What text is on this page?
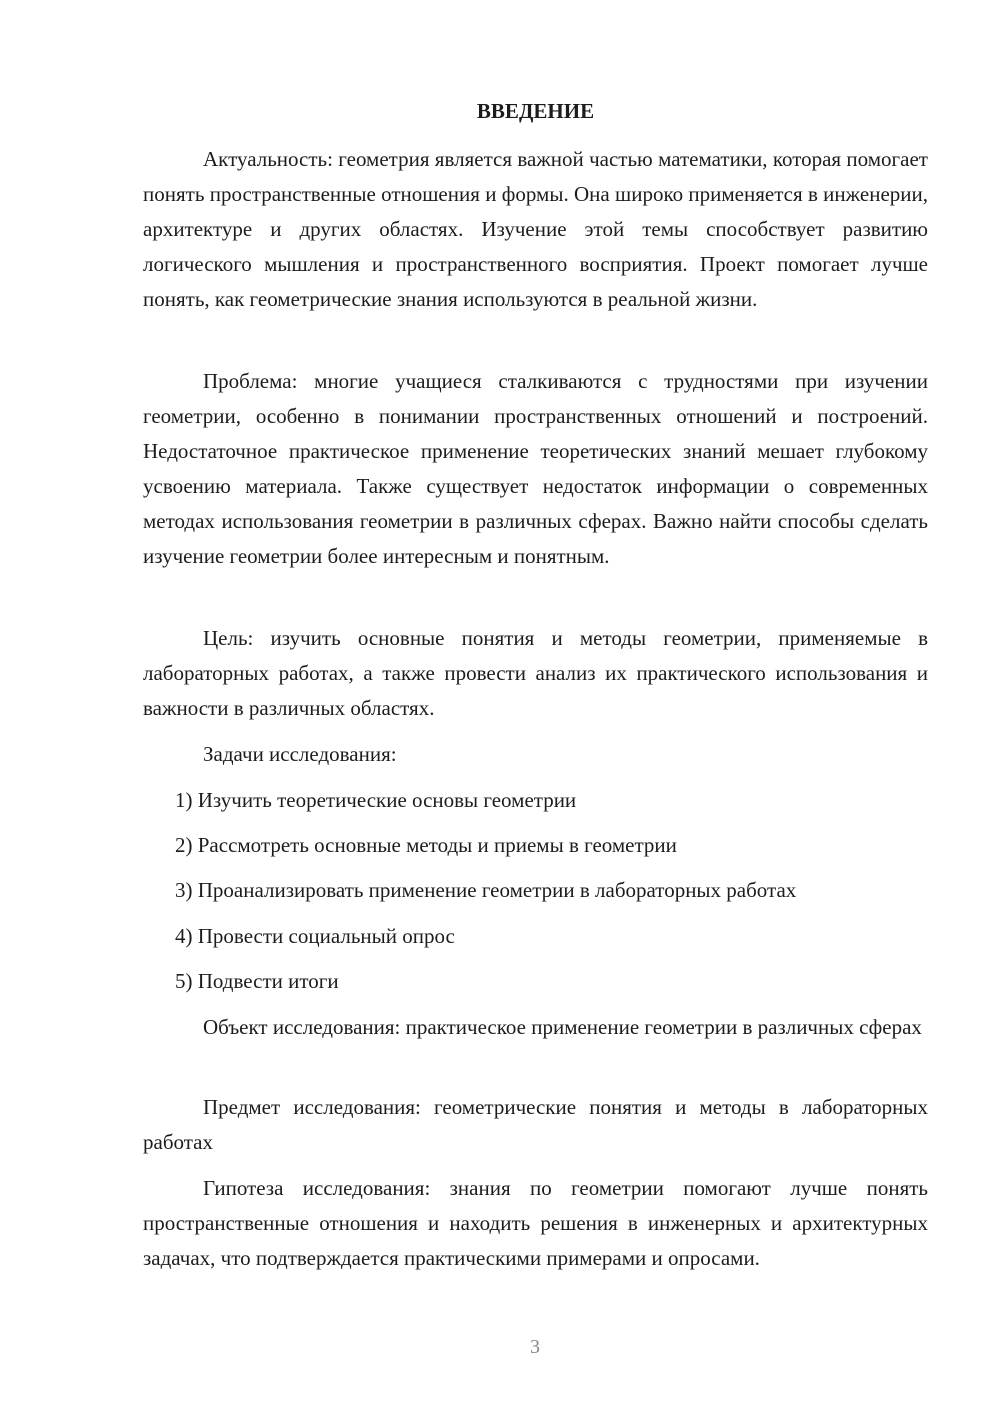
ВВЕДЕНИЕ

Актуальность: геометрия является важной частью математики, которая помогает понять пространственные отношения и формы. Она широко применяется в инженерии, архитектуре и других областях. Изучение этой темы способствует развитию логического мышления и пространственного восприятия. Проект помогает лучше понять, как геометрические знания используются в реальной жизни.

Проблема: многие учащиеся сталкиваются с трудностями при изучении геометрии, особенно в понимании пространственных отношений и построений. Недостаточное практическое применение теоретических знаний мешает глубокому усвоению материала. Также существует недостаток информации о современных методах использования геометрии в различных сферах. Важно найти способы сделать изучение геометрии более интересным и понятным.

Цель: изучить основные понятия и методы геометрии, применяемые в лабораторных работах, а также провести анализ их практического использования и важности в различных областях.

Задачи исследования:

1) Изучить теоретические основы геометрии

2) Рассмотреть основные методы и приемы в геометрии

3) Проанализировать применение геометрии в лабораторных работах

4) Провести социальный опрос

5) Подвести итоги

Объект исследования: практическое применение геометрии в различных сферах

Предмет исследования: геометрические понятия и методы в лабораторных работах

Гипотеза исследования: знания по геометрии помогают лучше понять пространственные отношения и находить решения в инженерных и архитектурных задачах, что подтверждается практическими примерами и опросами.

3
